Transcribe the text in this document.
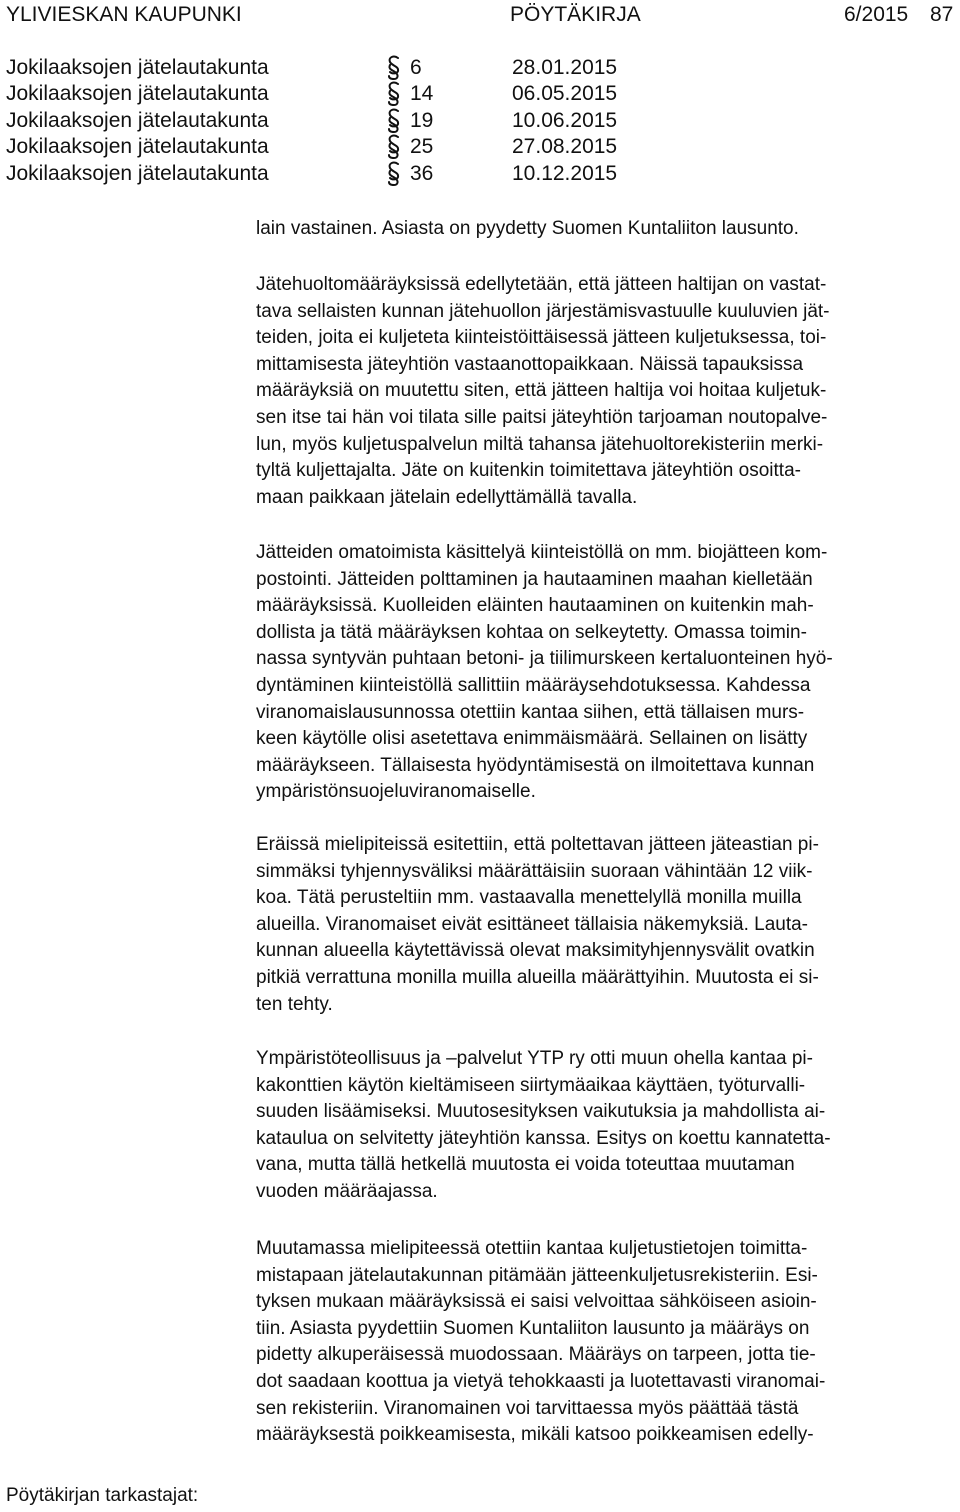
YLIVIESKAN KAUPUNKI	PÖYTÄKIRJA	6/2015 87
Jokilaaksojen jätelautakunta	6	28.01.2015
Jokilaaksojen jätelautakunta	14	06.05.2015
Jokilaaksojen jätelautakunta	19	10.06.2015
Jokilaaksojen jätelautakunta	25	27.08.2015
Jokilaaksojen jätelautakunta	36	10.12.2015
lain vastainen. Asiasta on pyydetty Suomen Kuntaliiton lausunto.
Jätehuoltomääräyksissä edellytetään, että jätteen haltijan on vastat-
tava sellaisten kunnan jätehuollon järjestämisvastuulle kuuluvien jät-
teiden, joita ei kuljeteta kiinteistöittäisessä jätteen kuljetuksessa, toi-
mittamisesta jäteyhtiön vastaanottopaikkaan. Näissä tapauksissa
määräyksiä on muutettu siten, että jätteen haltija voi hoitaa kuljetuk-
sen itse tai hän voi tilata sille paitsi jäteyhtiön tarjoaman noutopalve-
lun, myös kuljetuspalvelun miltä tahansa jätehuoltorekisteriin merki-
tyltä kuljettajalta. Jäte on kuitenkin toimitettava jäteyhtiön osoitta-
maan paikkaan jätelain edellyttämällä tavalla.
Jätteiden omatoimista käsittelyä kiinteistöllä on mm. biojätteen kom-
postointi. Jätteiden polttaminen ja hautaaminen maahan kielletään
määräyksissä. Kuolleiden eläinten hautaaminen on kuitenkin mah-
dollista ja tätä määräyksen kohtaa on selkeytetty. Omassa toimin-
nassa syntyvän puhtaan betoni- ja tiilimurskeen kertaluonteinen hyö-
dyntäminen kiinteistöllä sallittiin määräysehdotuksessa. Kahdessa
viranomaislausunnossa otettiin kantaa siihen, että tällaisen murs-
keen käytölle olisi asetettava enimmäismäärä. Sellainen on lisätty
määräykseen. Tällaisesta hyödyntämisestä on ilmoitettava kunnan
ympäristönsuojeluviranomaiselle.
Eräissä mielipiteissä esitettiin, että poltettavan jätteen jäteastian pi-
simmäksi tyhjennysväliksi määrättäisiin suoraan vähintään 12 viik-
koa. Tätä perusteltiin mm. vastaavalla menettelyllä monilla muilla
alueilla. Viranomaiset eivät esittäneet tällaisia näkemyksiä. Lauta-
kunnan alueella käytettävissä olevat maksimityhjennysvälit ovatkin
pitkiä verrattuna monilla muilla alueilla määrättyihin. Muutosta ei si-
ten tehty.
Ympäristöteollisuus ja –palvelut YTP ry otti muun ohella kantaa pi-
kakonttien käytön kieltämiseen siirtymäaikaa käyttäen, työturvalli-
suuden lisäämiseksi. Muutosesityksen vaikutuksia ja mahdollista ai-
kataulua on selvitetty jäteyhtiön kanssa. Esitys on koettu kannatetta-
vana, mutta tällä hetkellä muutosta ei voida toteuttaa muutaman
vuoden määräajassa.
Muutamassa mielipiteessä otettiin kantaa kuljetustietojen toimitta-
mistapaan jätelautakunnan pitämään jätteenkuljetusrekisteriin. Esi-
tyksen mukaan määräyksissä ei saisi velvoittaa sähköiseen asioin-
tiin. Asiasta pyydettiin Suomen Kuntaliiton lausunto ja määräys on
pidetty alkuperäisessä muodossaan. Määräys on tarpeen, jotta tie-
dot saadaan koottua ja vietyä tehokkaasti ja luotettavasti viranomai-
sen rekisteriin. Viranomainen voi tarvittaessa myös päättää tästä
määräyksestä poikkeamisesta, mikäli katsoo poikkeamisen edelly-
Pöytäkirjan tarkastajat:
